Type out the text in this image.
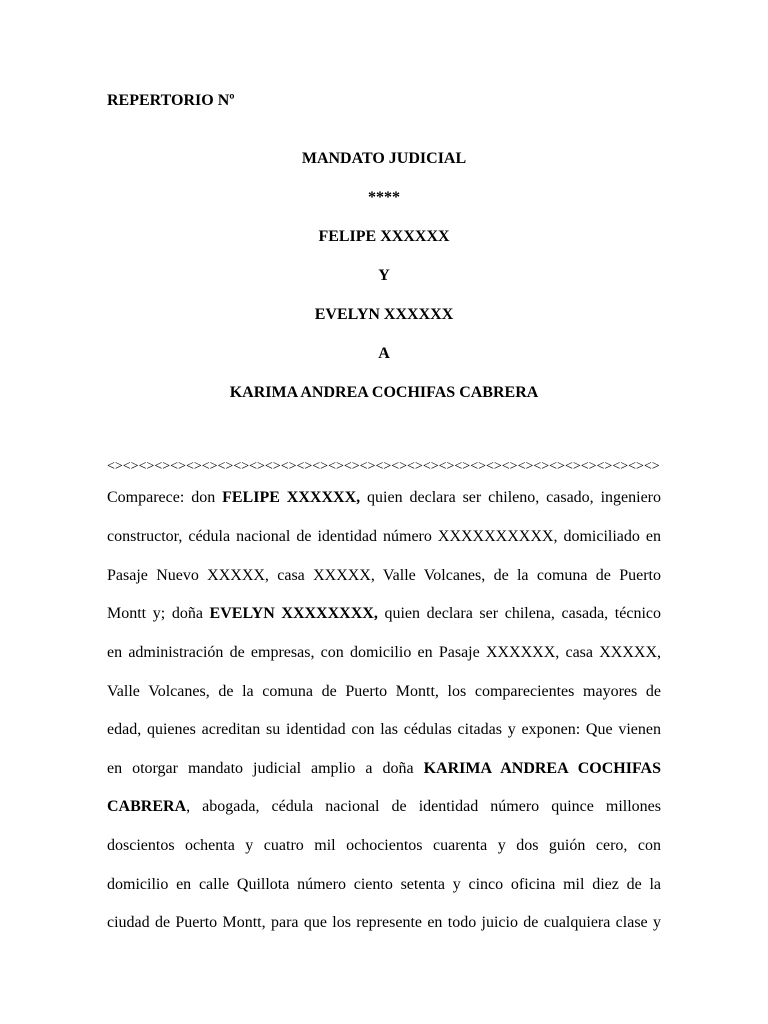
REPERTORIO Nº
MANDATO JUDICIAL
****
FELIPE XXXXXX
Y
EVELYN XXXXXX
A
KARIMA ANDREA COCHIFAS CABRERA
<><><><><><><><><><><><><><><><><><><><><><><><><><><><><><><><><><><>
Comparece: don FELIPE XXXXXX, quien declara ser chileno, casado, ingeniero
constructor, cédula nacional de identidad número XXXXXXXXXX, domiciliado en
Pasaje Nuevo XXXXX, casa XXXXX, Valle Volcanes, de la comuna de Puerto
Montt y; doña EVELYN XXXXXXXX, quien declara ser chilena, casada, técnico
en administración de empresas, con domicilio en Pasaje XXXXXX, casa XXXXX,
Valle Volcanes, de la comuna de Puerto Montt, los comparecientes mayores de
edad, quienes acreditan su identidad con las cédulas citadas y exponen: Que vienen
en otorgar mandato judicial amplio a doña KARIMA ANDREA COCHIFAS
CABRERA, abogada, cédula nacional de identidad número quince millones
doscientos ochenta y cuatro mil ochocientos cuarenta y dos guión cero, con
domicilio en calle Quillota número ciento setenta y cinco oficina mil diez de la
ciudad de Puerto Montt, para que los represente en todo juicio de cualquiera clase y
